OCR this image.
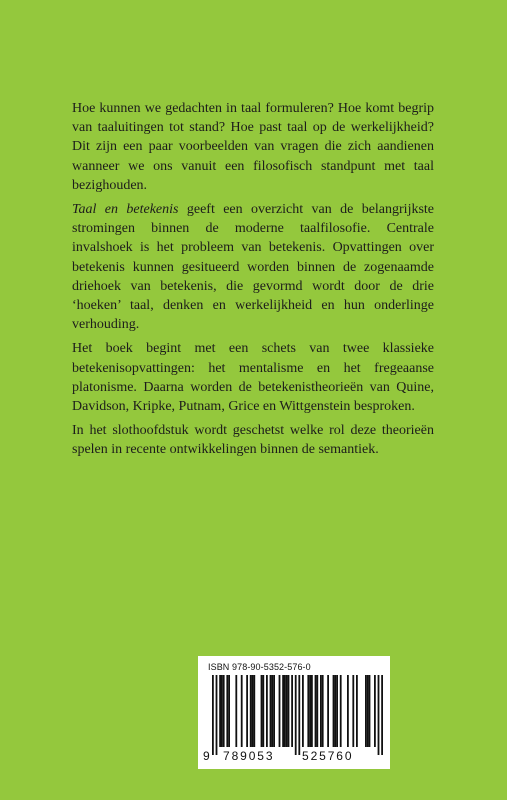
Hoe kunnen we gedachten in taal formuleren? Hoe komt begrip van taaluitingen tot stand? Hoe past taal op de werkelijkheid? Dit zijn een paar voorbeelden van vragen die zich aandienen wanneer we ons vanuit een filosofisch standpunt met taal bezighouden.

Taal en betekenis geeft een overzicht van de belangrijkste stromingen binnen de moderne taalfilosofie. Centrale invalshoek is het probleem van betekenis. Opvattingen over betekenis kunnen gesitueerd worden binnen de zogenaamde driehoek van betekenis, die gevormd wordt door de drie ‘hoeken’ taal, denken en werkelijkheid en hun onderlinge verhouding.

Het boek begint met een schets van twee klassieke betekenisopvattingen: het mentalisme en het fregeaanse platonisme. Daarna worden de betekenistheorieën van Quine, Davidson, Kripke, Putnam, Grice en Wittgenstein besproken.

In het slothoofdstuk wordt geschetst welke rol deze theorieën spelen in recente ontwikkelingen binnen de semantiek.

ISBN 978-90-5352-576-0
9 789053 525760
